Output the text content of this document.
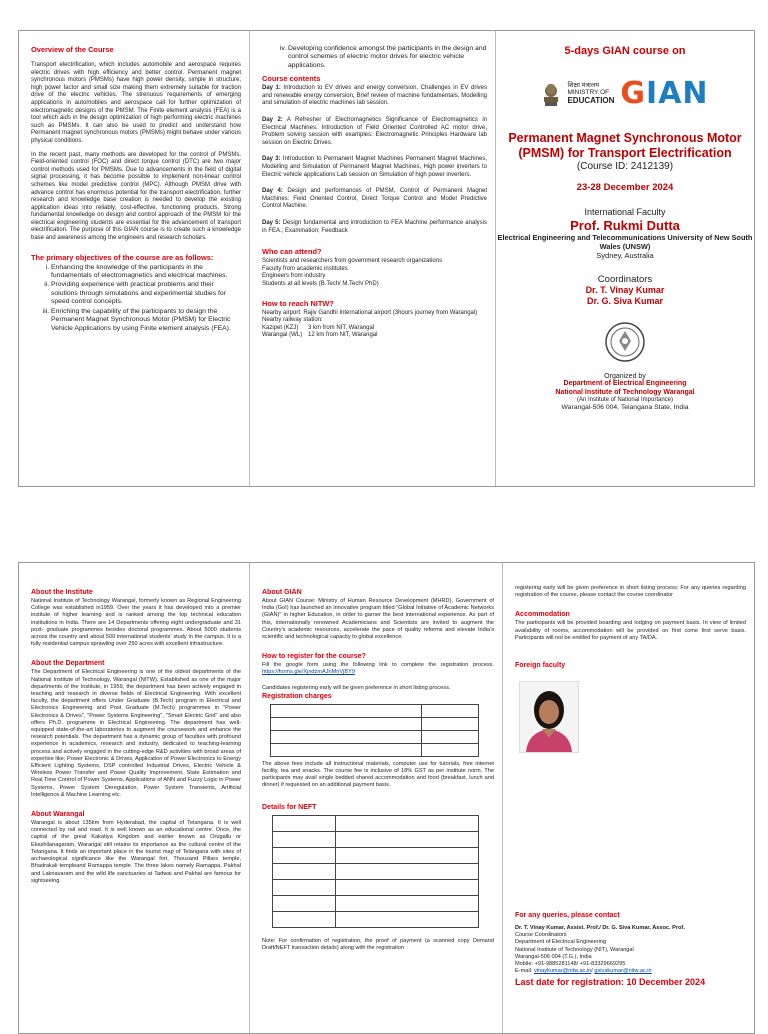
Overview of the Course

Transport electrification, which includes automobile and aerospace requires electric drives with high efficiency and better control. Permanent magnet synchronous motors (PMSMs) have high power density, simple in structure, high power factor and small size making them extremely suitable for traction drive of the electric vehicles. The strenuous requirements of emerging applications in automobiles and aerospace call for further optimization of electromagnetic designs of the PMSM. The Finite element analysis (FEA) is a tool which aids in the design optimization of high performing electric machines such as PMSMs. It can also be used to predict and understand how Permanent magnet synchronous motors (PMSMs) might behave under various physical conditions.

In the recent past, many methods are developed for the control of PMSMs. Field-oriented control (FOC) and direct torque control (DTC) are two major control methods used for PMSMs. Due to advancements in the field of digital signal processing, it has become possible to implement non-linear control schemes like model predictive control (MPC). Although PMSM drive with advance control has enormous potential for the transport electrification, further research and knowledge base creation is needed to develop the existing application ideas into reliably, cost-effective, functioning products. Strong fundamental knowledge on design and control approach of the PMSM for the electrical engineering students are essential for the advancement of transport electrification. The purpose of this GIAN course is to create such a knowledge base and awareness among the engineers and research scholars.

The primary objectives of the course are as follows:
i. Enhancing the knowledge of the participants in the fundamentals of electromagnetics and electrical machines.
ii. Providing experience with practical problems and their solutions through simulations and experimental studies for speed control concepts.
iii. Enriching the capability of the participants to design the Permanent Magnet Synchronous Motor (PMSM) for Electric Vehicle Applications by using Finite element analysis (FEA).
iv. Developing confidence amongst the participants in the design and control schemes of electric motor drives for electric vehicle applications.
Course contents

Day 1: Introduction to EV drives and energy conversion, Challenges in EV drives and renewable energy conversion, Brief review of machine fundamentals, Modelling and simulation of electric machines lab session.

Day 2: A Refresher of Electromagnetics Significance of Electromagnetics in Electrical Machines, Introduction of Field Oriented Controlled AC motor drive, Problem solving session with examples: Electromagnetic Principles Hardware lab session on Electric Drives.

Day 3: Introduction to Permanent Magnet Machines Permanent Magnet Machines, Modelling and Simulation of Permanent Magnet Machines, High power inverters to Electric vehicle applications Lab session on Simulation of high power inverters.

Day 4: Design and performances of PMSM, Control of Permanent Magnet Machines: Field Oriented Control, Direct Torque Control and Model Predictive Control Machine.

Day 5: Design fundamental and introduction to FEA Machine performance analysis in FEA.; Examination; Feedback

Who can attend?

Scientists and researchers from government research organizations

Faculty from academic institutes

Engineers from industry

Students at all levels (B.Tech/ M.Tech/ PhD)

How to reach NITW?

Nearby airport: Rajiv Gandhi International airport (3hours journey from Warangal)

Nearby railway station:

Kazipet (KZJ) 3 km from NIT, Warangal

Warangal (WL) 12 km from NIT, Warangal

5-days GIAN course on
शिक्षा मंत्रालय
MINISTRY OF
EDUCATION GIAN
Permanent Magnet Synchronous Motor (PMSM) for Transport Electrification
(Course ID: 2412139)
23-28 December 2024
International Faculty
Prof. Rukmi Dutta
Electrical Engineering and Telecommunications University of New South Wales (UNSW)
Sydney, Australia
Coordinators
Dr. T. Vinay Kumar
Dr. G. Siva Kumar
Organized by
Department of Electrical Engineering
National Institute of Technology Warangal
(An Institute of National Importance)
Warangal-506 004, Telangana State, India
About the Institute

National Institute of Technology Warangal, formerly known as Regional Engineering College was established in1959. Over the years it has developed into a premier institute of higher learning and is ranked among the top technical education institutions in India. There are 14 Departments offering eight undergraduate and 31 post- graduate programmes besides doctoral programmes. About 5000 students across the country and about 500 international students' study in the campus. It is a fully residential campus sprawling over 250 acres with excellent infrastructure.

About the Department

The Department of Electrical Engineering is one of the oldest departments of the National Institute of Technology, Warangal (NITW). Established as one of the major departments of the Institute, in 1959, the department has been actively engaged in teaching and research in diverse fields of Electrical Engineering. With excellent faculty, the department offers Under Graduate (B.Tech) program in Electrical and Electronics Engineering and Post Graduate (M.Tech) programmes in "Power Electronics & Drives", "Power Systems Engineering", "Smart Electric Grid" and also offers Ph.D. programme in Electrical Engineering. The department has well-equipped state-of-the-art laboratories to augment the coursework and enhance the research potentials. The department has a dynamic group of faculties with profound experience in academics, research and industry, dedicated to teaching-learning process and actively engaged in the cutting-edge R&D activities with broad areas of expertise like; Power Electronic & Drives, Application of Power Electronics to Energy Efficient Lighting Systems, DSP controlled Industrial Drives, Electric Vehicle & Wireless Power Transfer and Power Quality Improvement, State Estimation and Real Time Control of Power Systems, Applications of ANN and Fuzzy Logic in Power Systems, Power System Deregulation, Power System Transients, Artificial Intelligence & Machine Learning etc.

About Warangal

Warangal is about 135km from Hyderabad, the capital of Telangana. It is well connected by rail and road. It is well known as an educational centre. Once, the capital of the great Kakatiya Kingdom and earlier known as Orugallu or Ekashilanagaram, Warangal still retains its importance as the cultural centre of the Telangana. It finds an important place in the tourist map of Telangana with sites of archaeological significance like the Warangal fort, Thousand Pillars temple, Bhadrakali templeand Ramappa temple. The three lakes namely Ramappa, Pakhal and Laknavaram and the wild life sanctuaries at Tadwai and Pakhal are famous for sightseeing.

About GIAN

About GIAN Course: Ministry of Human Resource Development (MHRD), Government of India (GoI) has launched an innovative program titled "Global Initiative of Academic Networks (GIAN)" in higher Education, in order to garner the best international experience. As part of this, internationally renowned Academicians and Scientists are invited to augment the Country's academic resources, accelerate the pace of quality reforms and elevate India's scientific and technological capacity to global excellence.

How to register for the course?

Fill the google form using the following link to complete the registration process. https://forms.gle/XjndzmAJnMnVjBY9

Candidates registering early will be given preference in short listing process.

Registration charges

The above fees include all instructional materials, computer use for tutorials, free internet facility, tea and snacks. The course fee is inclusive of 18% GST as per institute norm. The participants may avail single bedded shared accommodation and food (breakfast, lunch and dinner) if requested on an additional payment basis.

Details for NEFT

Note: For confirmation of registration, the proof of payment (a scanned copy Demand Draft/NEFT transaction details) along with the registration

registering early will be given preference in short listing process; For any queries regarding registration of the course, please contact the course coordinator

Accommodation

The participants will be provided boarding and lodging on payment basis. In view of limited availability of rooms, accommodation will be provided on first come first serve basis. Participants will not be entitled for payment of any TA/DA.

Foreign faculty
For any queries, please contact

Dr. T. Vinay Kumar, Assist. Prof./ Dr. G. Siva Kumar, Assoc. Prof.

Course Coordinators

Department of Electrical Engineering

National Institute of Technology (NIT), Warangal

Warangal-506 004 (T.G.), India

Mobile: +91-9885281148/ +91-83329669295

E-mail: vinaykumar@nitw.ac.in/ gsivakumar@nitw.ac.in

Last date for registration: 10 December 2024
